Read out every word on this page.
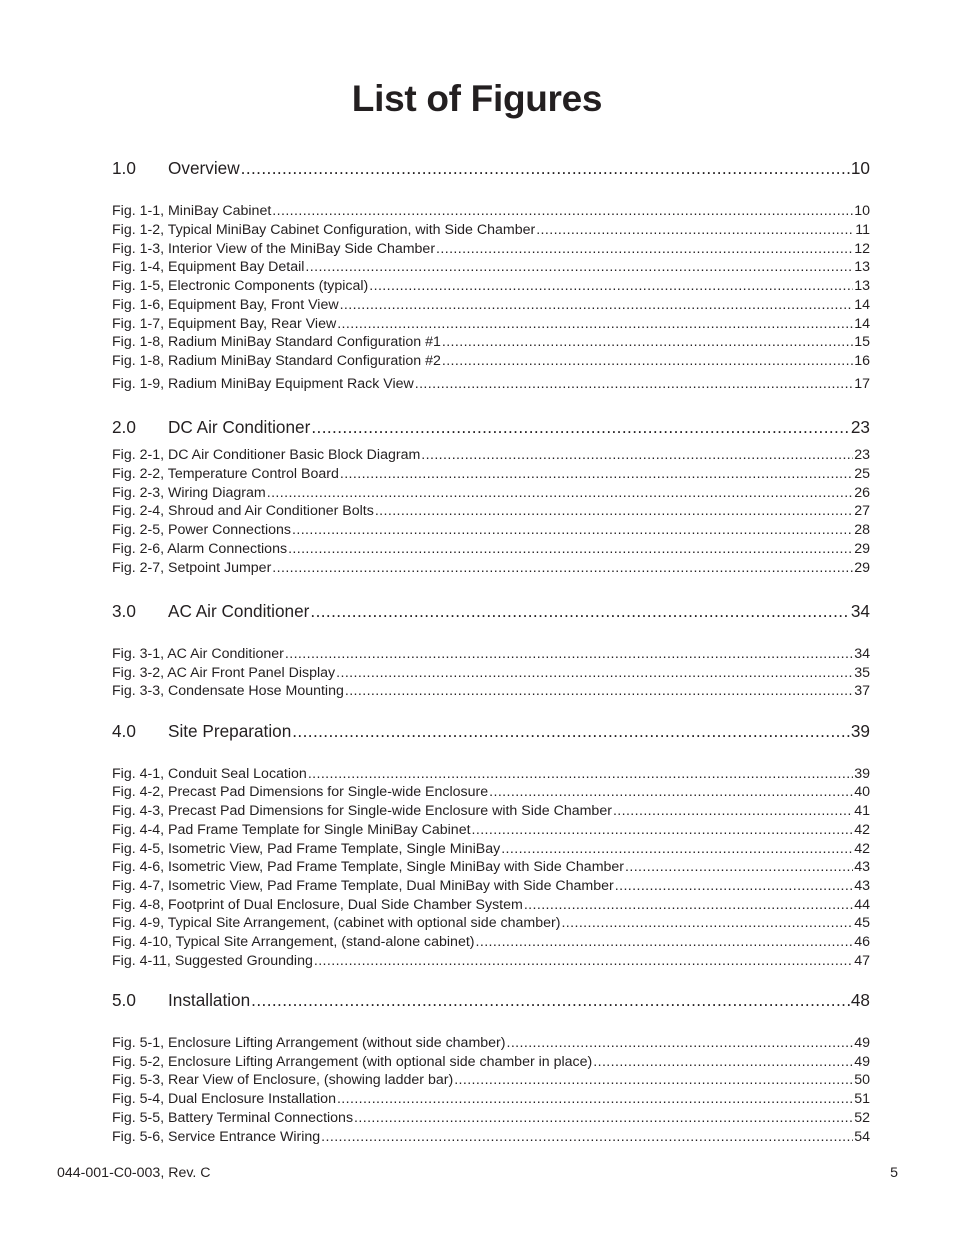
List of Figures
1.0 Overview .....	10
Fig. 1-1, MiniBay Cabinet .....	10
Fig. 1-2, Typical MiniBay Cabinet Configuration, with Side Chamber .....	11
Fig. 1-3, Interior View of the MiniBay Side Chamber .....	12
Fig. 1-4, Equipment Bay Detail .....	13
Fig. 1-5, Electronic Components (typical) .....	13
Fig. 1-6, Equipment Bay, Front View .....	14
Fig. 1-7, Equipment Bay, Rear View .....	14
Fig. 1-8, Radium MiniBay Standard Configuration #1 .....	15
Fig. 1-8, Radium MiniBay Standard Configuration #2 .....	16
Fig. 1-9, Radium MiniBay Equipment Rack View .....	17
2.0 DC Air Conditioner .....	23
Fig. 2-1, DC Air Conditioner Basic Block Diagram .....	23
Fig. 2-2, Temperature Control Board .....	25
Fig. 2-3, Wiring Diagram .....	26
Fig. 2-4, Shroud and Air Conditioner Bolts .....	27
Fig. 2-5, Power Connections .....	28
Fig. 2-6, Alarm Connections .....	29
Fig. 2-7, Setpoint Jumper .....	29
3.0 AC Air Conditioner .....	34
Fig. 3-1, AC Air Conditioner .....	34
Fig. 3-2, AC Air Front Panel Display .....	35
Fig. 3-3, Condensate Hose Mounting .....	37
4.0 Site Preparation .....	39
Fig. 4-1, Conduit Seal Location .....	39
Fig. 4-2, Precast Pad Dimensions for Single-wide Enclosure .....	40
Fig. 4-3, Precast Pad Dimensions for Single-wide Enclosure with Side Chamber .....	41
Fig. 4-4, Pad Frame Template for Single MiniBay Cabinet .....	42
Fig. 4-5, Isometric View, Pad Frame Template, Single MiniBay .....	42
Fig. 4-6, Isometric View, Pad Frame Template, Single MiniBay with Side Chamber .....	43
Fig. 4-7, Isometric View, Pad Frame Template, Dual MiniBay with Side Chamber .....	43
Fig. 4-8, Footprint of Dual Enclosure, Dual Side Chamber System .....	44
Fig. 4-9, Typical Site Arrangement, (cabinet with optional side chamber) .....	45
Fig. 4-10, Typical Site Arrangement, (stand-alone cabinet) .....	46
Fig. 4-11, Suggested Grounding .....	47
5.0 Installation .....	48
Fig. 5-1, Enclosure Lifting Arrangement (without side chamber) .....	49
Fig. 5-2, Enclosure Lifting Arrangement (with optional side chamber in place) .....	49
Fig. 5-3, Rear View of Enclosure, (showing ladder bar) .....	50
Fig. 5-4, Dual Enclosure Installation .....	51
Fig. 5-5, Battery Terminal Connections .....	52
Fig. 5-6, Service Entrance Wiring .....	54
044-001-C0-003, Rev. C	5
